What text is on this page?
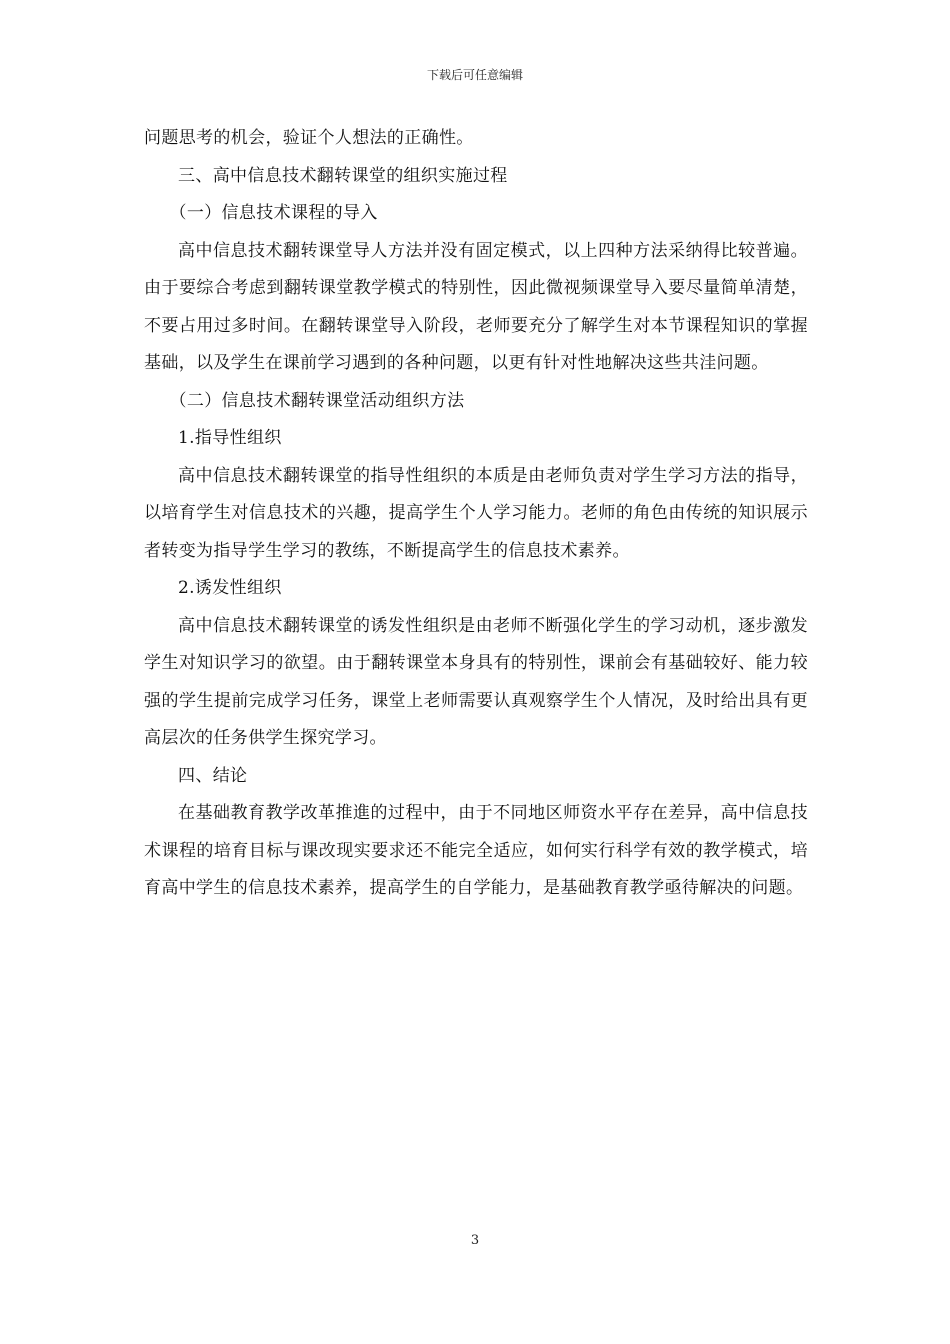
下载后可任意编辑

问题思考的机会，验证个人想法的正确性。

三、高中信息技术翻转课堂的组织实施过程

（一）信息技术课程的导入

高中信息技术翻转课堂导人方法并没有固定模式，以上四种方法采纳得比较普遍。由于要综合考虑到翻转课堂教学模式的特别性，因此微视频课堂导入要尽量简单清楚，不要占用过多时间。在翻转课堂导入阶段，老师要充分了解学生对本节课程知识的掌握基础，以及学生在课前学习遇到的各种问题，以更有针对性地解决这些共洼问题。

（二）信息技术翻转课堂活动组织方法

1.指导性组织

高中信息技术翻转课堂的指导性组织的本质是由老师负责对学生学习方法的指导，以培育学生对信息技术的兴趣，提高学生个人学习能力。老师的角色由传统的知识展示者转变为指导学生学习的教练，不断提高学生的信息技术素养。

2.诱发性组织

高中信息技术翻转课堂的诱发性组织是由老师不断强化学生的学习动机，逐步激发学生对知识学习的欲望。由于翻转课堂本身具有的特别性，课前会有基础较好、能力较强的学生提前完成学习任务，课堂上老师需要认真观察学生个人情况，及时给出具有更高层次的任务供学生探究学习。

四、结论

在基础教育教学改革推進的过程中，由于不同地区师资水平存在差异，高中信息技术课程的培育目标与课改现实要求还不能完全适应，如何实行科学有效的教学模式，培育高中学生的信息技术素养，提高学生的自学能力，是基础教育教学亟待解决的问题。

3
